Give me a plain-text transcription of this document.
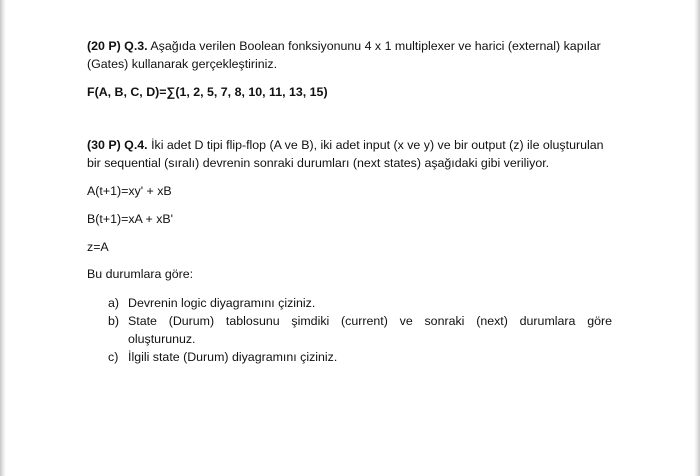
(20 P) Q.3. Aşağıda verilen Boolean fonksiyonunu 4 x 1 multiplexer ve harici (external) kapılar
(Gates) kullanarak gerçekleştiriniz.
F(A, B, C, D)=∑(1, 2, 5, 7, 8, 10, 11, 13, 15)
(30 P) Q.4. İki adet D tipi flip-flop (A ve B), iki adet input (x ve y) ve bir output (z) ile oluşturulan
bir sequential (sıralı) devrenin sonraki durumları (next states) aşağıdaki gibi veriliyor.
A(t+1)=xy' + xB
B(t+1)=xA + xB'
z=A
Bu durumlara göre:
a) Devrenin logic diyagramını çiziniz.
b) State (Durum) tablosunu şimdiki (current) ve sonraki (next) durumlara göre
oluşturunuz.
c) İlgili state (Durum) diyagramını çiziniz.
